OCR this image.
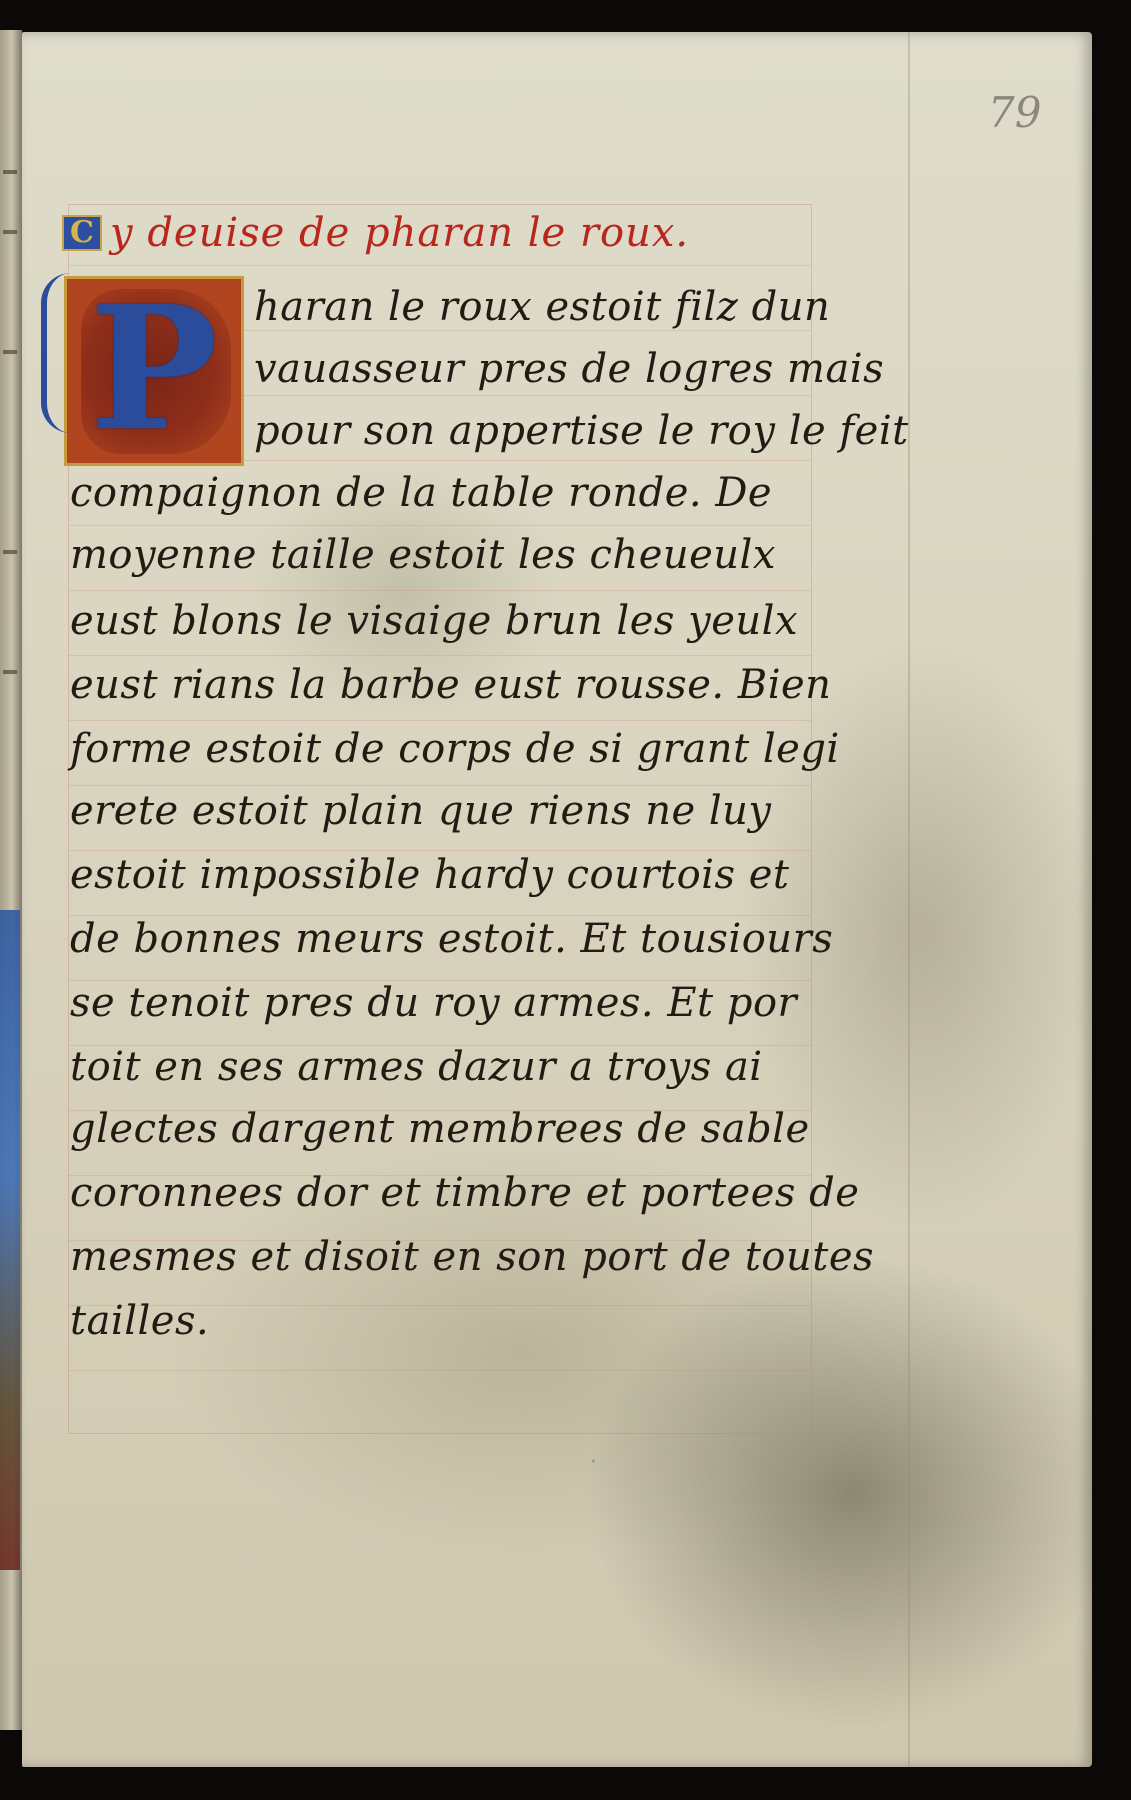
79
C y deuise de pharan le roux.
P haran le roux estoit filz dun
vauasseur pres de logres mais
pour son appertise le roy le feit
compaignon de la table ronde. De
moyenne taille estoit les cheueulx
eust blons le visaige brun les yeulx
eust rians la barbe eust rousse. Bien
forme estoit de corps de si grant legi
erete estoit plain que riens ne luy
estoit impossible hardy courtois et
de bonnes meurs estoit. Et tousiours
se tenoit pres du roy armes. Et por
toit en ses armes dazur a troys ai
glectes dargent membrees de sable
coronnees dor et timbre et portees de
mesmes et disoit en son port de toutes
tailles.
·
